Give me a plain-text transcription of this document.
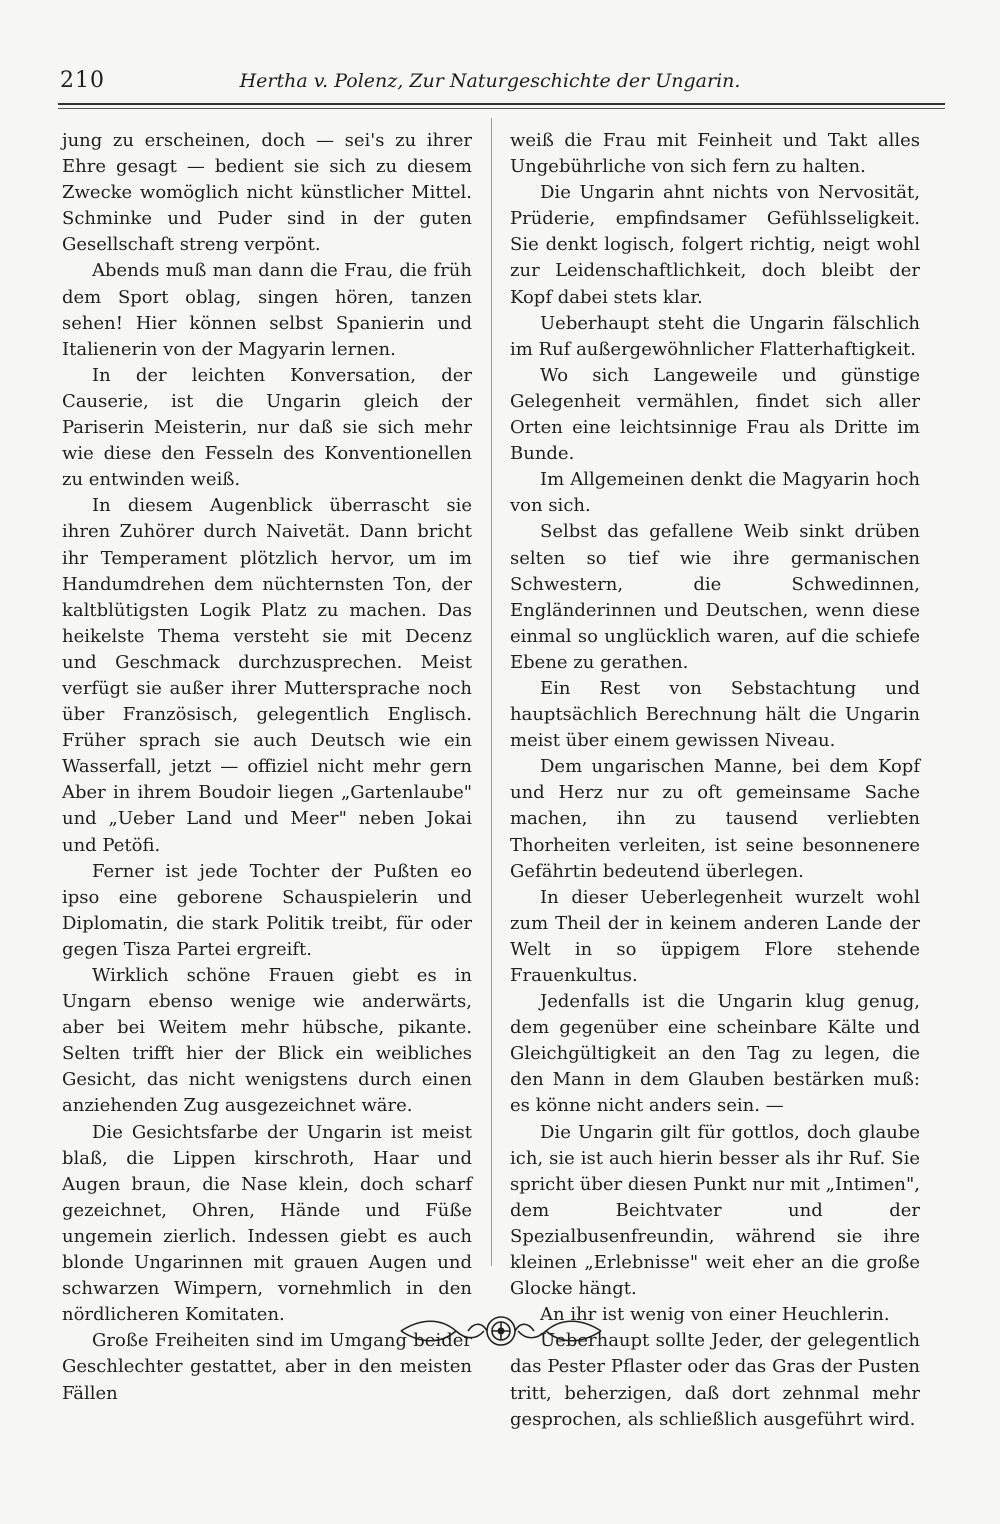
210	Hertha v. Polenz, Zur Naturgeschichte der Ungarin.

jung zu erscheinen, doch — sei's zu ihrer Ehre gesagt — bedient sie sich zu diesem Zwecke womöglich nicht künstlicher Mittel. Schminke und Puder sind in der guten Gesellschaft streng verpönt.

Abends muß man dann die Frau, die früh dem Sport oblag, singen hören, tanzen sehen! Hier können selbst Spanierin und Italienerin von der Magyarin lernen.

In der leichten Konversation, der Causerie, ist die Ungarin gleich der Pariserin Meisterin, nur daß sie sich mehr wie diese den Fesseln des Konventionellen zu entwinden weiß.

In diesem Augenblick überrascht sie ihren Zuhörer durch Naivetät. Dann bricht ihr Temperament plötzlich hervor, um im Handumdrehen dem nüchternsten Ton, der kaltblütigsten Logik Platz zu machen. Das heikelste Thema versteht sie mit Decenz und Geschmack durchzusprechen. Meist verfügt sie außer ihrer Muttersprache noch über Französisch, gelegentlich Englisch. Früher sprach sie auch Deutsch wie ein Wasserfall, jetzt — offiziel nicht mehr gern Aber in ihrem Boudoir liegen „Gartenlaube" und „Ueber Land und Meer" neben Jokai und Petöfi.

Ferner ist jede Tochter der Pußten eo ipso eine geborene Schauspielerin und Diplomatin, die stark Politik treibt, für oder gegen Tisza Partei ergreift.

Wirklich schöne Frauen giebt es in Ungarn ebenso wenige wie anderwärts, aber bei Weitem mehr hübsche, pikante. Selten trifft hier der Blick ein weibliches Gesicht, das nicht wenigstens durch einen anziehenden Zug ausgezeichnet wäre.

Die Gesichtsfarbe der Ungarin ist meist blaß, die Lippen kirschroth, Haar und Augen braun, die Nase klein, doch scharf gezeichnet, Ohren, Hände und Füße ungemein zierlich. Indessen giebt es auch blonde Ungarinnen mit grauen Augen und schwarzen Wimpern, vornehmlich in den nördlicheren Komitaten.

Große Freiheiten sind im Umgang beider Geschlechter gestattet, aber in den meisten Fällen

weiß die Frau mit Feinheit und Takt alles Ungebührliche von sich fern zu halten.

Die Ungarin ahnt nichts von Nervosität, Prüderie, empfindsamer Gefühlsseligkeit. Sie denkt logisch, folgert richtig, neigt wohl zur Leidenschaftlichkeit, doch bleibt der Kopf dabei stets klar.

Ueberhaupt steht die Ungarin fälschlich im Ruf außergewöhnlicher Flatterhaftigkeit.

Wo sich Langeweile und günstige Gelegenheit vermählen, findet sich aller Orten eine leichtsinnige Frau als Dritte im Bunde.

Im Allgemeinen denkt die Magyarin hoch von sich.

Selbst das gefallene Weib sinkt drüben selten so tief wie ihre germanischen Schwestern, die Schwedinnen, Engländerinnen und Deutschen, wenn diese einmal so unglücklich waren, auf die schiefe Ebene zu gerathen.

Ein Rest von Sebstachtung und hauptsächlich Berechnung hält die Ungarin meist über einem gewissen Niveau.

Dem ungarischen Manne, bei dem Kopf und Herz nur zu oft gemeinsame Sache machen, ihn zu tausend verliebten Thorheiten verleiten, ist seine besonnenere Gefährtin bedeutend überlegen.

In dieser Ueberlegenheit wurzelt wohl zum Theil der in keinem anderen Lande der Welt in so üppigem Flore stehende Frauenkultus.

Jedenfalls ist die Ungarin klug genug, dem gegenüber eine scheinbare Kälte und Gleichgültigkeit an den Tag zu legen, die den Mann in dem Glauben bestärken muß: es könne nicht anders sein. —

Die Ungarin gilt für gottlos, doch glaube ich, sie ist auch hierin besser als ihr Ruf. Sie spricht über diesen Punkt nur mit „Intimen", dem Beichtvater und der Spezialbusenfreundin, während sie ihre kleinen „Erlebnisse" weit eher an die große Glocke hängt.

An ihr ist wenig von einer Heuchlerin.

Ueberhaupt sollte Jeder, der gelegentlich das Pester Pflaster oder das Gras der Pusten tritt, beherzigen, daß dort zehnmal mehr gesprochen, als schließlich ausgeführt wird.
